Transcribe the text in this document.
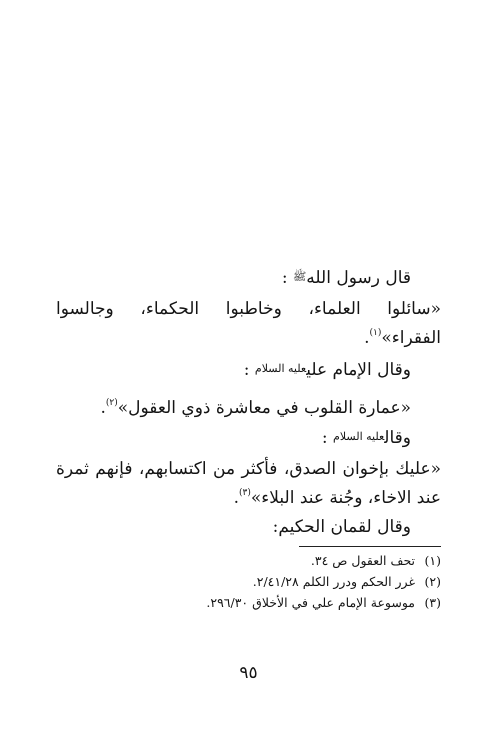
قال رسول اللهﷺ :
«سائلوا العلماء، وخاطبوا الحكماء، وجالسوا
الفقراء»$^{(١)}$.
وقال الإمام عليعليه السلام :
«عمارة القلوب في معاشرة ذوي العقول»$^{(٢)}$.
وقالعليه السلام :
«عليك بإخوان الصدق، فأكثر من اكتسابهم، فإنهم ثمرة
عند الاخاء، وجُنة عند البلاء»$^{(٣)}$.
وقال لقمان الحكيم:
(١)تحف العقول ص ٣٤.
(٢)غرر الحكم ودرر الكلم ٢/٤١/٢٨.
(٣)موسوعة الإمام علي في الأخلاق ٢٩٦/٣٠.
٩٥
